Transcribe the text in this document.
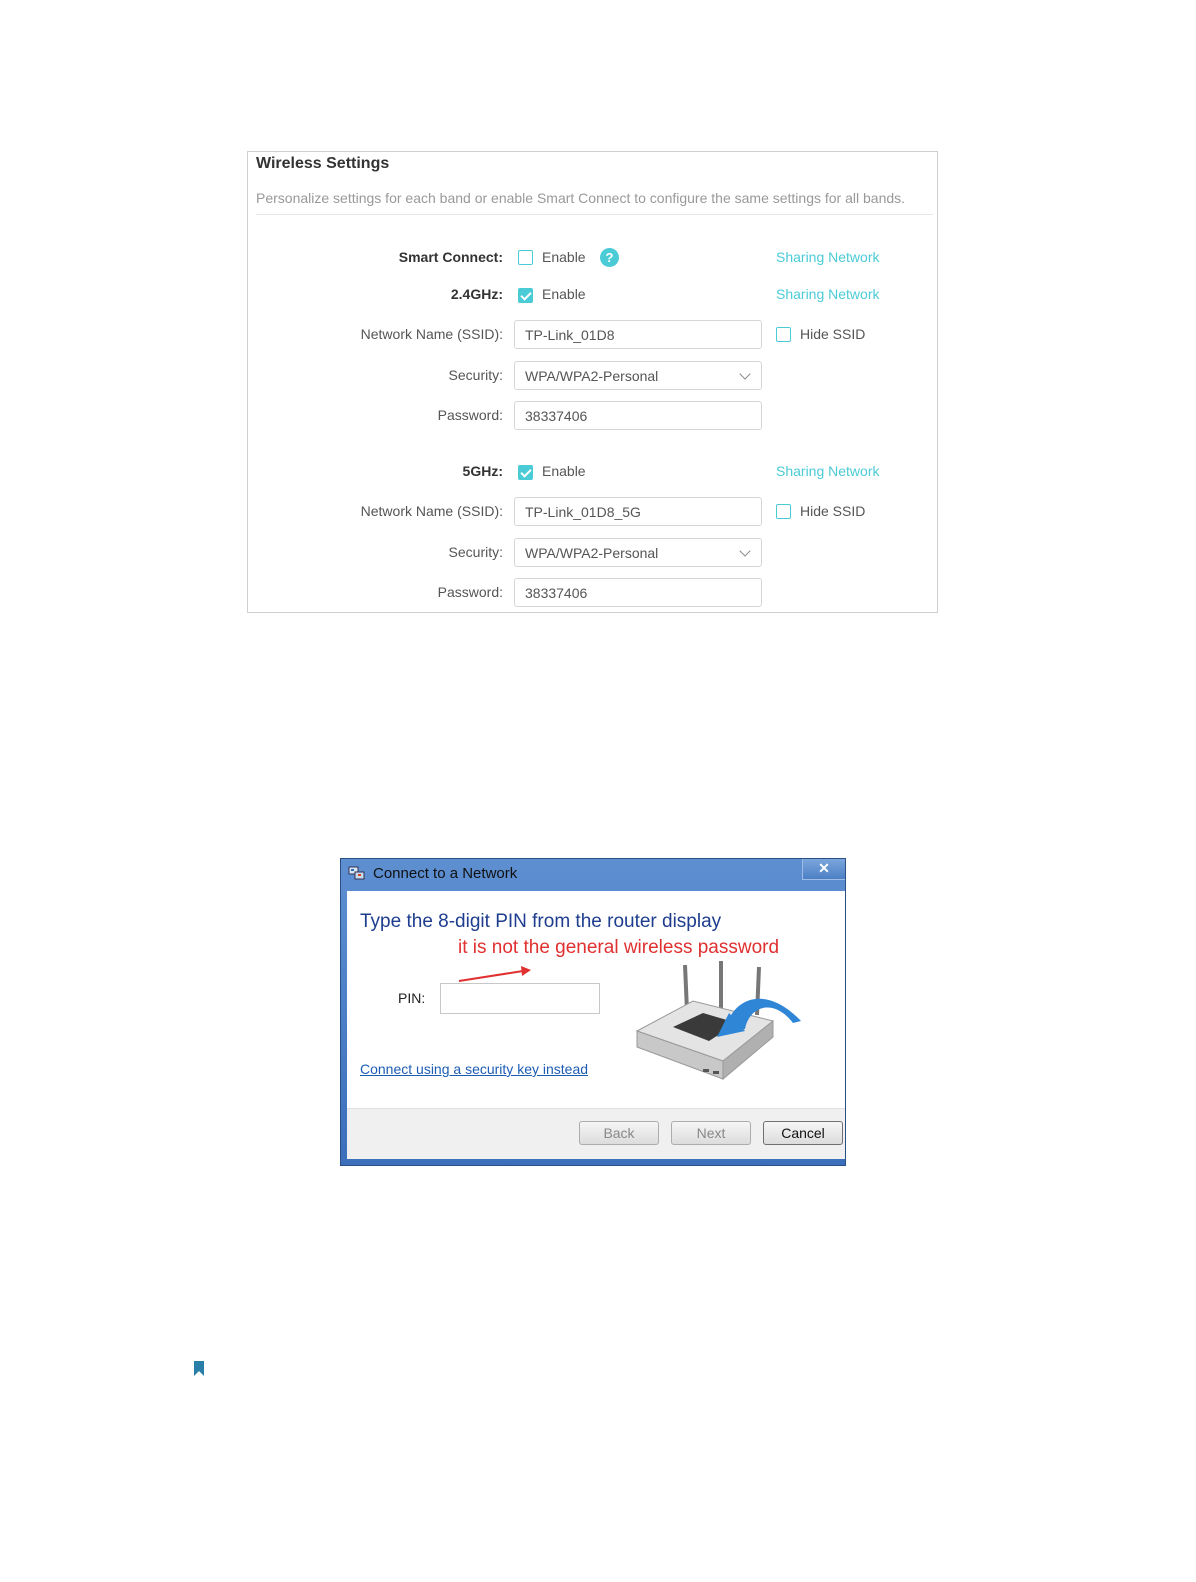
Wireless Settings
Personalize settings for each band or enable Smart Connect to configure the same settings for all bands.
Smart Connect:	Enable	?	Sharing Network
2.4GHz:	Enable	Sharing Network
Network Name (SSID):	TP-Link_01D8	Hide SSID
Security:	WPA/WPA2-Personal
Password:	38337406
5GHz:	Enable	Sharing Network
Network Name (SSID):	TP-Link_01D8_5G	Hide SSID
Security:	WPA/WPA2-Personal
Password:	38337406
Connect to a Network	✕
Type the 8-digit PIN from the router display
it is not the general wireless password
PIN:
Connect using a security key instead
Back	Next	Cancel
